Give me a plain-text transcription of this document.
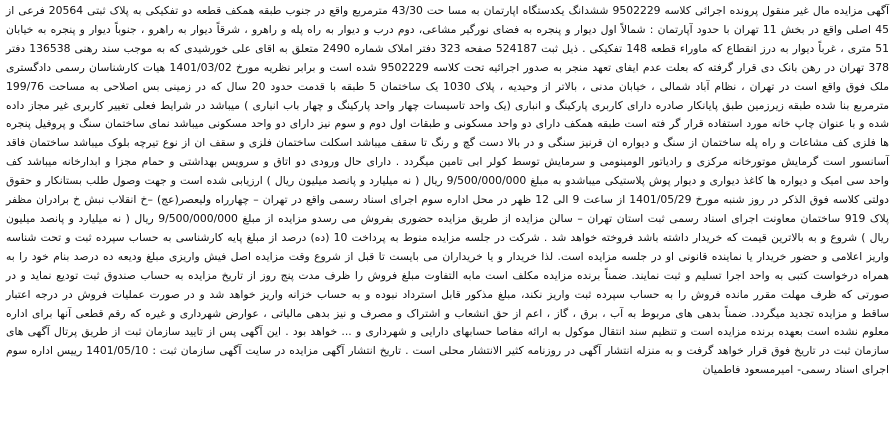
آگهی مزایده مال غیر منقول پرونده اجرائی کلاسه 9502229 ششدانگ یکدستگاه اپارتمان به مسا حت 43/30 مترمربع واقع در جنوب طبقه همکف قطعه دو تفکیکی به پلاک ثبتی 20564 فرعی از 45 اصلی واقع در بخش 11 تهران با حدود آپارتمان : شمالاً اول دیوار و پنجره به فضای نورگیر مشاعی، دوم درب و دیوار به راه پله و راهرو ، شرقاً دیوار به راهرو ، جنوباً دیوار و پنجره به خیابان 51 متری ، غرباً دیوار به درز انقطاع که ماوراء قطعه 148 تفکیکی . ذیل ثبت 524187 صفحه 323 دفتر املاک شماره 2490 متعلق به اقای علی خورشیدی که به موجب سند رهنی 136538 دفتر 378 تهران در رهن بانک دی قرار گرفته که بعلت عدم ایفای تعهد منجر به صدور اجرائیه تحت کلاسه 9502229 شده است و برابر نظریه مورخ 1401/03/02 هیات کارشناسان رسمی دادگستری ملک فوق واقع است در تهران ، نظام آباد شمالی ، خیابان مدنی ، بالاتر از وحیدیه ، پلاک 1030 یک ساختمان 5 طبقه با قدمت حدود 20 سال که در زمینی بس اصلاحی به مساحت 199/76 مترمربع بنا شده طبقه زیرزمین طبق پایانکار صادره دارای کاربری پارکینگ و انباری (یک واحد تاسیسات چهار واحد پارکینگ و چهار باب انباری ) میباشد در شرایط فعلی تغییر کاربری غیر مجاز داده شده و با عنوان چاپ خانه مورد استفاده قرار گر فته است طبقه همکف دارای دو واحد مسکونی و طبقات اول دوم و سوم نیز دارای دو واحد مسکونی میباشد نمای ساختمان سنگ و پروفیل پنجره ها فلزی کف مشاعات و راه پله ساختمان از سنگ و دیواره ان قرنیز سنگی و در بالا دست گچ و رنگ تا سقف میباشد اسکلت ساختمان فلزی و سقف ان از نوع تیرچه بلوک میباشد ساختمان فاقد آسانسور است گرمایش موتورخانه مرکزی و رادیاتور الومینومی و سرمایش توسط کولر ابی تامین میگردد . دارای حال ورودی دو اتاق و سرویس بهداشتی و حمام مجزا و ابدارخانه میباشد کف واحد سی امیک و دیواره ها کاغذ دیواری و دیوار پوش پلاستیکی میباشدو به مبلغ 9/500/000/000 ریال ( نه میلیارد و پانصد میلیون ریال ) ارزیابی شده است و جهت وصول طلب بستانکار و حقوق دولتی کلاسه فوق الذکر در روز شنبه مورخ 1401/05/29 از ساعت 9 الی 12 ظهر در محل اداره سوم اجرای اسناد رسمی واقع در تهران – چهارراه ولیعصر(عج) –خ انقلاب نبش خ برادران مظفر پلاک 919 ساختمان معاونت اجرای اسناد رسمی ثبت استان تهران – سالن مزایده از طریق مزایده حضوری بفروش می رسدو مزایده از مبلغ 9/500/000/000 ریال ( نه میلیارد و پانصد میلیون ریال ) شروع و به بالاترین قیمت که خریدار داشته باشد فروخته خواهد شد . شرکت در جلسه مزایده منوط به پرداخت 10 (ده) درصد از مبلغ پایه کارشناسی به حساب سپرده ثبت و تحت شناسه واریز اعلامی و حضور خریدار یا نماینده قانونی او در جلسه مزایده است. لذا خریدار و یا خریداران می بایست تا قبل از شروع وقت مزایده اصل فیش واریزی مبلغ ودیعه ده درصد بنام خود را به همراه درخواست کتبی به واحد اجرا تسلیم و ثبت نمایند. ضمناً برنده مزایده مکلف است مابه التفاوت مبلغ فروش را ظرف مدت پنج روز از تاریخ مزایده به حساب صندوق ثبت تودیع نماید و در صورتی که ظرف مهلت مقرر مانده فروش را به حساب سپرده ثبت واریز نکند، مبلغ مذکور قابل استرداد نبوده و به حساب خزانه واریز خواهد شد و در صورت عملیات فروش در درجه اعتبار ساقط و مزایده تجدید میگردد. ضمناً بدهی های مربوط به آب ، برق ، گاز ، اعم از حق انشعاب و اشتراک و مصرف و نیز بدهی مالیاتی ، عوارض شهرداری و غیره که رقم قطعی آنها برای اداره معلوم نشده است بعهده برنده مزایده است و تنظیم سند انتقال موکول به ارائه مفاصا حسابهای دارایی و شهرداری و ... خواهد بود . این آگهی پس از تایید سازمان ثبت از طریق پرتال آگهی های سازمان ثبت در تاریخ فوق قرار خواهد گرفت و به منزله انتشار آگهی در روزنامه کثیر الانتشار محلی است . تاریخ انتشار آگهی مزایده در سایت آگهی سازمان ثبت : 1401/05/10 رییس اداره سوم اجرای اسناد رسمی- امیرمسعود فاطمیان
